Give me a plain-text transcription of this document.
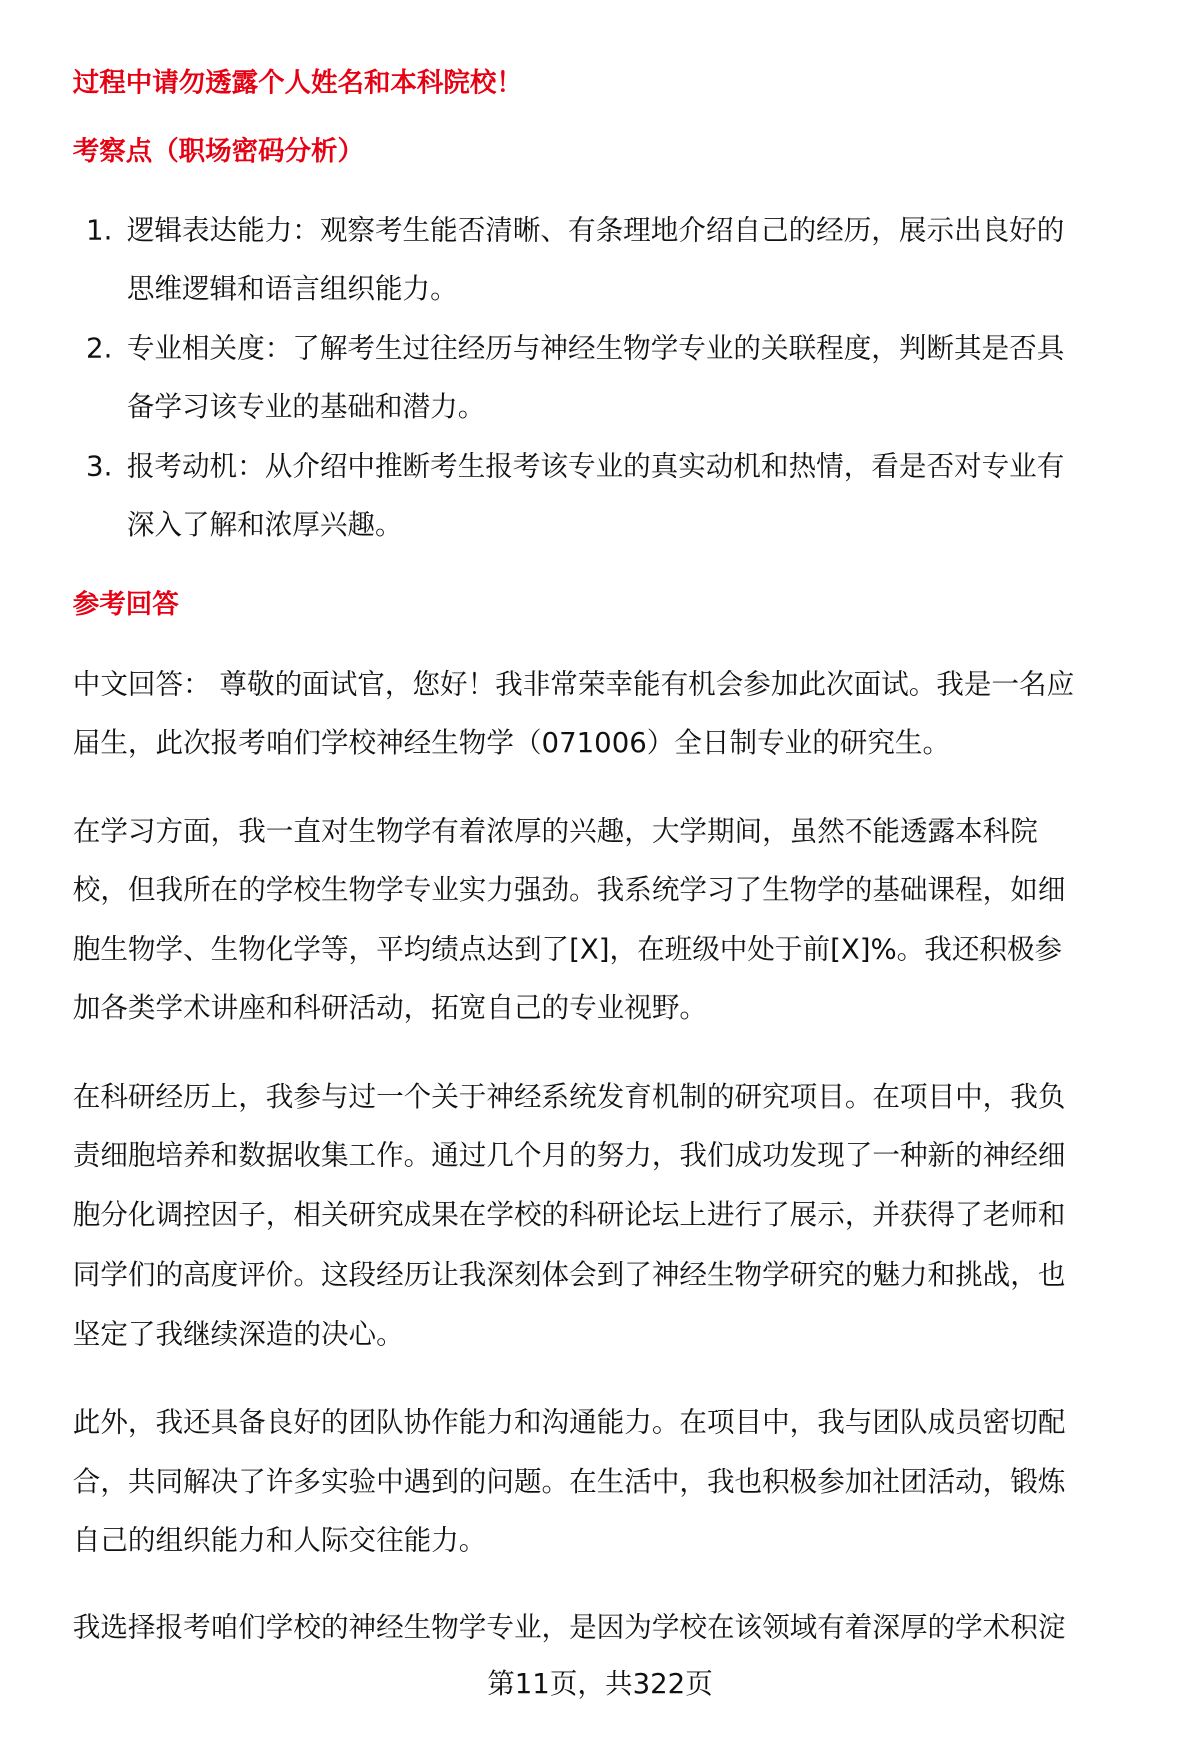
过程中请勿透露个人姓名和本科院校！
考察点（职场密码分析）
1. 逻辑表达能力：观察考生能否清晰、有条理地介绍自己的经历，展示出良好的
思维逻辑和语言组织能力。
2. 专业相关度：了解考生过往经历与神经生物学专业的关联程度，判断其是否具
备学习该专业的基础和潜力。
3. 报考动机：从介绍中推断考生报考该专业的真实动机和热情，看是否对专业有
深入了解和浓厚兴趣。
参考回答
中文回答： 尊敬的面试官，您好！我非常荣幸能有机会参加此次面试。我是一名应
届生，此次报考咱们学校神经生物学（071006）全日制专业的研究生。
在学习方面，我一直对生物学有着浓厚的兴趣，大学期间，虽然不能透露本科院
校，但我所在的学校生物学专业实力强劲。我系统学习了生物学的基础课程，如细
胞生物学、生物化学等，平均绩点达到了[X]，在班级中处于前[X]%。我还积极参
加各类学术讲座和科研活动，拓宽自己的专业视野。
在科研经历上，我参与过一个关于神经系统发育机制的研究项目。在项目中，我负
责细胞培养和数据收集工作。通过几个月的努力，我们成功发现了一种新的神经细
胞分化调控因子，相关研究成果在学校的科研论坛上进行了展示，并获得了老师和
同学们的高度评价。这段经历让我深刻体会到了神经生物学研究的魅力和挑战，也
坚定了我继续深造的决心。
此外，我还具备良好的团队协作能力和沟通能力。在项目中，我与团队成员密切配
合，共同解决了许多实验中遇到的问题。在生活中，我也积极参加社团活动，锻炼
自己的组织能力和人际交往能力。
我选择报考咱们学校的神经生物学专业，是因为学校在该领域有着深厚的学术积淀
第11页，共322页
